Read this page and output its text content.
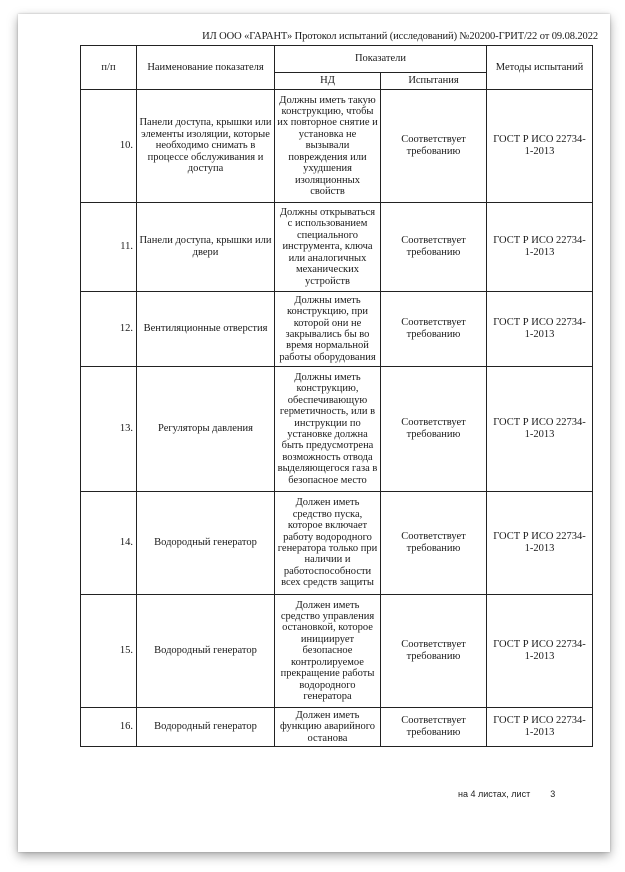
ИЛ ООО «ГАРАНТ» Протокол испытаний (исследований) №20200-ГРИТ/22 от 09.08.2022
п/п	Наименование показателя	Показатели		Методы испытаний
		НД	Испытания	
10.	Панели доступа, крышки или элементы изоляции, которые необходимо снимать в процессе обслуживания и доступа	Должны иметь такую конструкцию, чтобы их повторное снятие и установка не вызывали повреждения или ухудшения изоляционных свойств	Соответствует требованию	ГОСТ Р ИСО 22734-1-2013
11.	Панели доступа, крышки или двери	Должны открываться с использованием специального инструмента, ключа или аналогичных механических устройств	Соответствует требованию	ГОСТ Р ИСО 22734-1-2013
12.	Вентиляционные отверстия	Должны иметь конструкцию, при которой они не закрывались бы во время нормальной работы оборудования	Соответствует требованию	ГОСТ Р ИСО 22734-1-2013
13.	Регуляторы давления	Должны иметь конструкцию, обеспечивающую герметичность, или в инструкции по установке должна быть предусмотрена возможность отвода выделяющегося газа в безопасное место	Соответствует требованию	ГОСТ Р ИСО 22734-1-2013
14.	Водородный генератор	Должен иметь средство пуска, которое включает работу водородного генератора только при наличии и работоспособности всех средств защиты	Соответствует требованию	ГОСТ Р ИСО 22734-1-2013
15.	Водородный генератор	Должен иметь средство управления остановкой, которое инициирует безопасное контролируемое прекращение работы водородного генератора	Соответствует требованию	ГОСТ Р ИСО 22734-1-2013
16.	Водородный генератор	Должен иметь функцию аварийного останова	Соответствует требованию	ГОСТ Р ИСО 22734-1-2013
на 4 листах, лист 3
